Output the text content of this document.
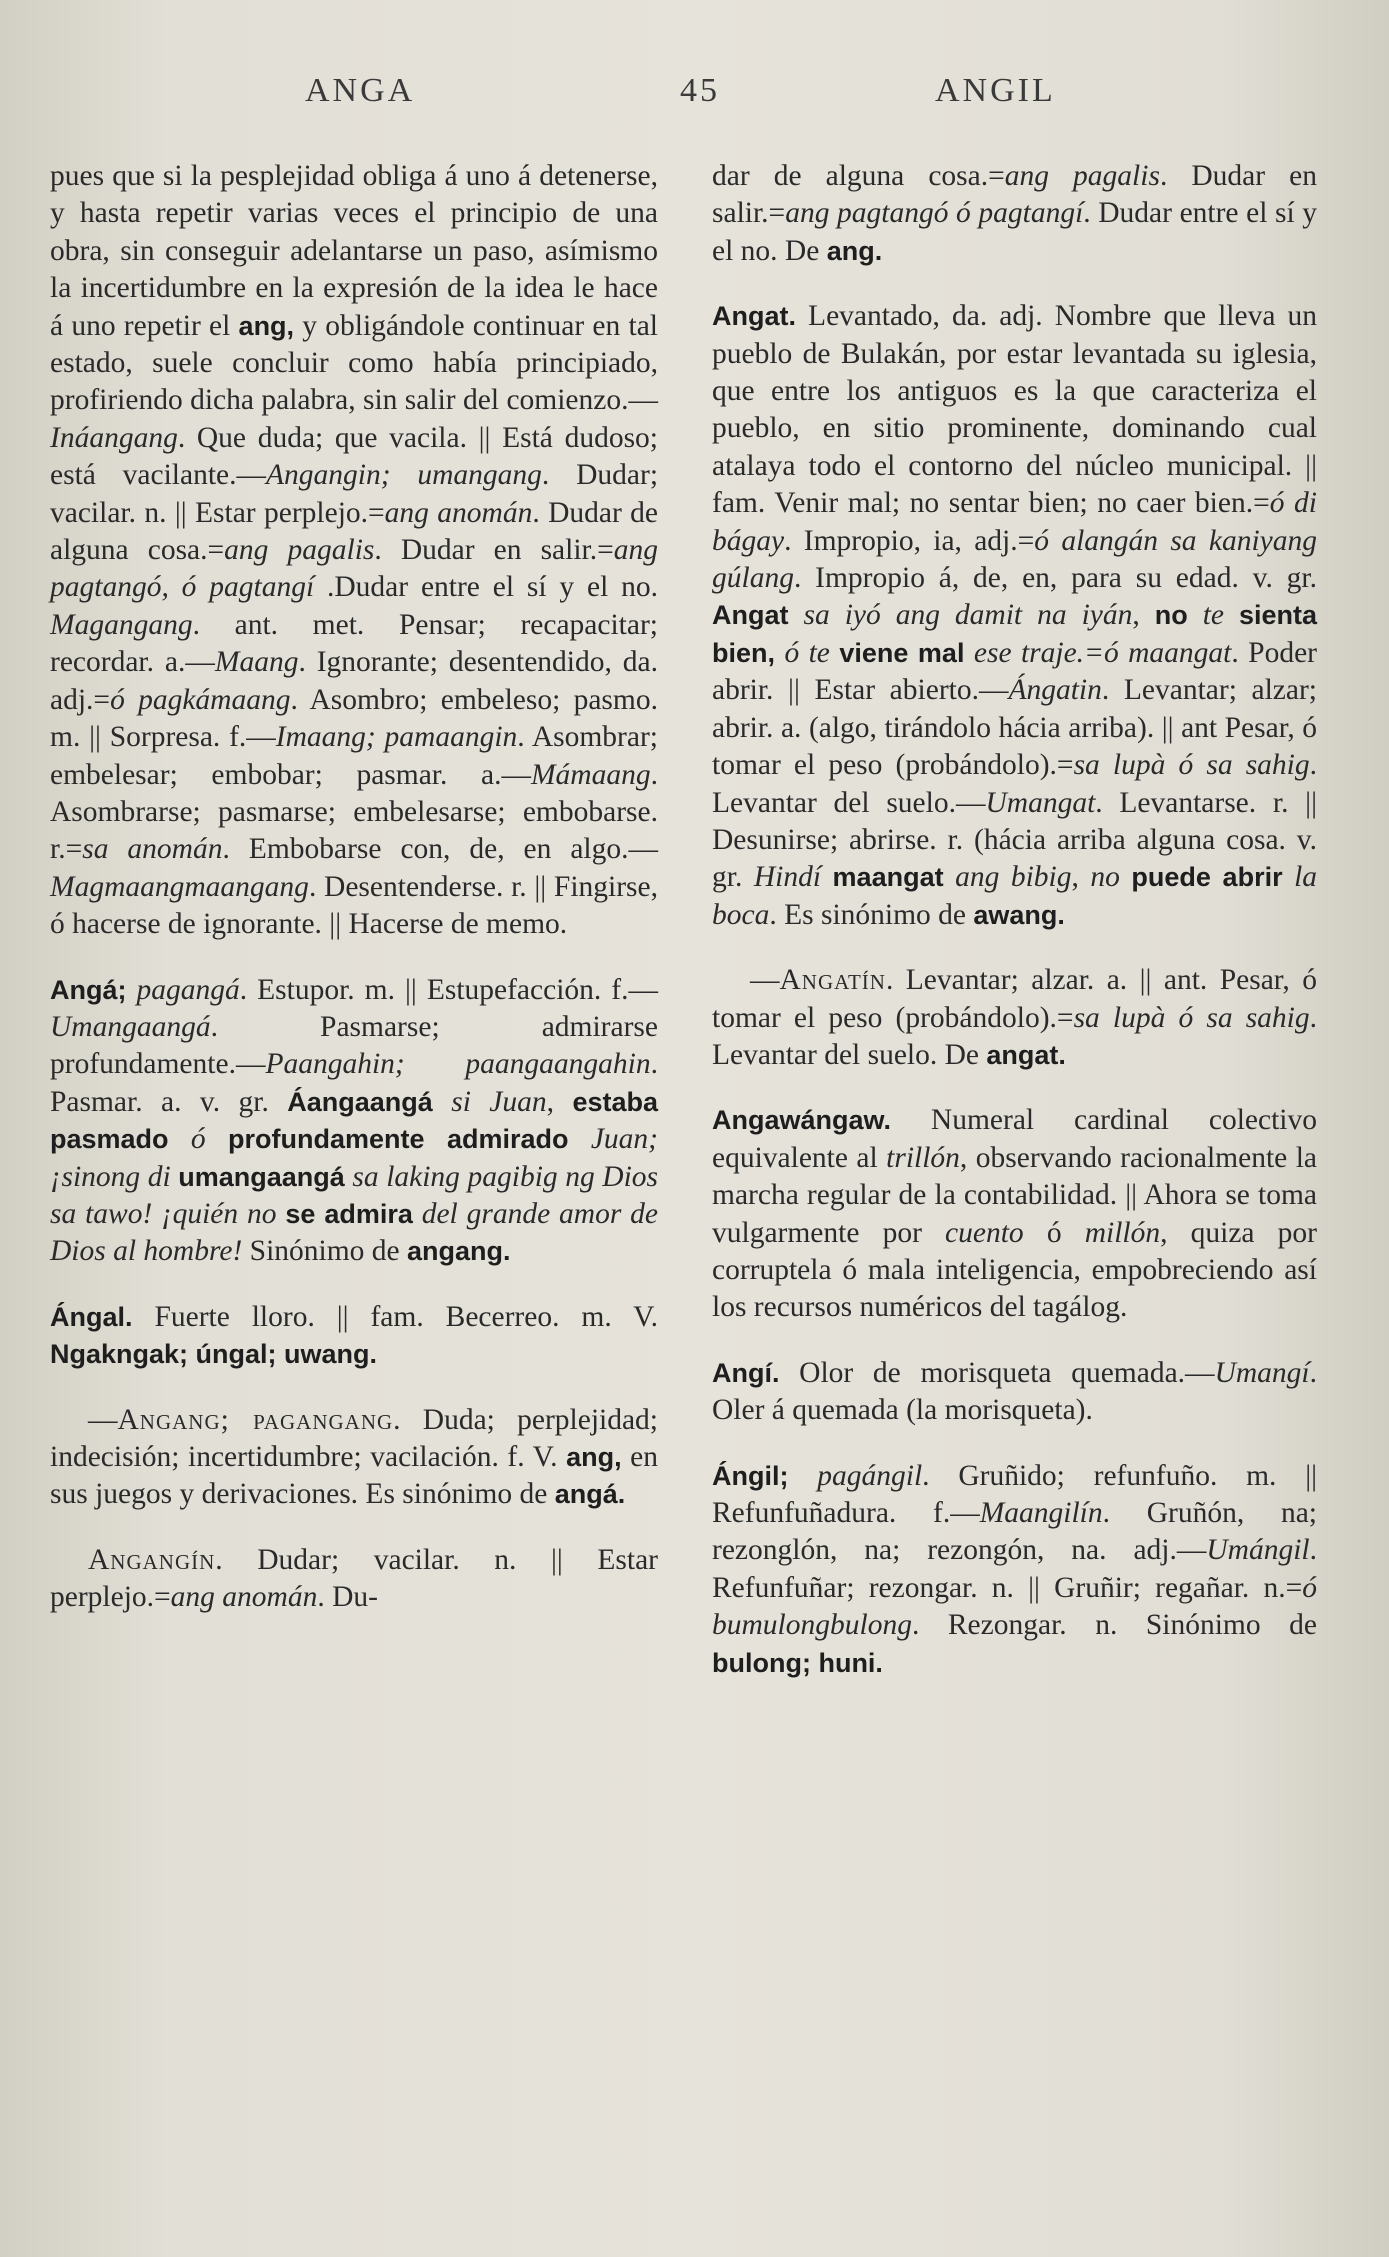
ANGA	45	ANGIL

pues que si la pesplejidad obliga á uno á detenerse, y hasta repetir varias veces el principio de una obra, sin conseguir adelantarse un paso, asímismo la incertidumbre en la expresión de la idea le hace á uno repetir el ang, y obligándole continuar en tal estado, suele concluir como había principiado, profiriendo dicha palabra, sin salir del comienzo.—Ináangang. Que duda; que vacila. || Está dudoso; está vacilante.—Angangin; umangang. Dudar; vacilar. n. || Estar perplejo.=ang anomán. Dudar de alguna cosa.=ang pagalis. Dudar en salir.=ang pagtangó, ó pagtangí .Dudar entre el sí y el no. Magangang. ant. met. Pensar; recapacitar; recordar. a.—Maang. Ignorante; desentendido, da. adj.=ó pagkámaang. Asombro; embeleso; pasmo. m. || Sorpresa. f.—Imaang; pamaangin. Asombrar; embelesar; embobar; pasmar. a.—Mámaang. Asombrarse; pasmarse; embelesarse; embobarse. r.=sa anomán. Embobarse con, de, en algo.—Magmaangmaangang. Desentenderse. r. || Fingirse, ó hacerse de ignorante. || Hacerse de memo.

Angá; pagangá. Estupor. m. || Estupefacción. f.—Umangaangá. Pasmarse; admirarse profundamente.—Paangahin; paangaangahin. Pasmar. a. v. gr. Áangaangá si Juan, estaba pasmado ó profundamente admirado Juan; ¡sinong di umangaangá sa laking pagibig ng Dios sa tawo! ¡quién no se admira del grande amor de Dios al hombre! Sinónimo de angang.

Ángal. Fuerte lloro. || fam. Becerreo. m. V. Ngakngak; úngal; uwang.

—Angang; pagangang. Duda; perplejidad; indecisión; incertidumbre; vacilación. f. V. ang, en sus juegos y derivaciones. Es sinónimo de angá.

Angangín. Dudar; vacilar. n. || Estar perplejo.=ang anomán. Du-

dar de alguna cosa.=ang pagalis. Dudar en salir.=ang pagtangó ó pagtangí. Dudar entre el sí y el no. De ang.

Angat. Levantado, da. adj. Nombre que lleva un pueblo de Bulakán, por estar levantada su iglesia, que entre los antiguos es la que caracteriza el pueblo, en sitio prominente, dominando cual atalaya todo el contorno del núcleo municipal. || fam. Venir mal; no sentar bien; no caer bien.=ó di bágay. Impropio, ia, adj.=ó alangán sa kaniyang gúlang. Impropio á, de, en, para su edad. v. gr. Angat sa iyó ang damit na iyán, no te sienta bien, ó te viene mal ese traje.=ó maangat. Poder abrir. || Estar abierto.—Ángatin. Levantar; alzar; abrir. a. (algo, tirándolo hácia arriba). || ant Pesar, ó tomar el peso (probándolo).=sa lupà ó sa sahig. Levantar del suelo.—Umangat. Levantarse. r. || Desunirse; abrirse. r. (hácia arriba alguna cosa. v. gr. Hindí maangat ang bibig, no puede abrir la boca. Es sinónimo de awang.

—Angatín. Levantar; alzar. a. || ant. Pesar, ó tomar el peso (probándolo).=sa lupà ó sa sahig. Levantar del suelo. De angat.

Angawángaw. Numeral cardinal colectivo equivalente al trillón, observando racionalmente la marcha regular de la contabilidad. || Ahora se toma vulgarmente por cuento ó millón, quiza por corruptela ó mala inteligencia, empobreciendo así los recursos numéricos del tagálog.

Angí. Olor de morisqueta quemada.—Umangí. Oler á quemada (la morisqueta).

Ángil; pagángil. Gruñido; refunfuño. m. || Refunfuñadura. f.—Maangilín. Gruñón, na; rezonglón, na; rezongón, na. adj.—Umángil. Refunfuñar; rezongar. n. || Gruñir; regañar. n.=ó bumulongbulong. Rezongar. n. Sinónimo de bulong; huni.
